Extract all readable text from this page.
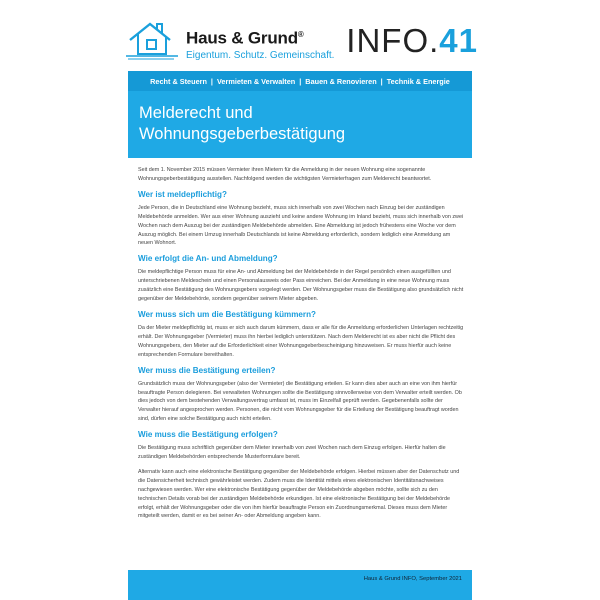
Haus & Grund®
Eigentum. Schutz. Gemeinschaft. INFO.41
Recht & Steuern | Vermieten & Verwalten | Bauen & Renovieren | Technik & Energie
Melderecht und
Wohnungsgeberbestätigung

Seit dem 1. November 2015 müssen Vermieter ihren Mietern für die Anmeldung in der neuen Wohnung eine sogenannte Wohnungsgeberbestätigung ausstellen. Nachfolgend werden die wichtigsten Vermieterfragen zum Melderecht beantwortet.

Wer ist meldepflichtig?

Jede Person, die in Deutschland eine Wohnung bezieht, muss sich innerhalb von zwei Wochen nach Einzug bei der zuständigen Meldebehörde anmelden. Wer aus einer Wohnung auszieht und keine andere Wohnung im Inland bezieht, muss sich innerhalb von zwei Wochen nach dem Auszug bei der zuständigen Meldebehörde abmelden. Eine Abmeldung ist jedoch frühestens eine Woche vor dem Auszug möglich. Bei einem Umzug innerhalb Deutschlands ist keine Abmeldung erforderlich, sondern lediglich eine Anmeldung am neuen Wohnort.

Wie erfolgt die An- und Abmeldung?

Die meldepflichtige Person muss für eine An- und Abmeldung bei der Meldebehörde in der Regel persönlich einen ausgefüllten und unterschriebenen Meldeschein und einen Personalausweis oder Pass einreichen. Bei der Anmeldung in eine neue Wohnung muss zusätzlich eine Bestätigung des Wohnungsgebers vorgelegt werden. Der Wohnungsgeber muss die Bestätigung also grundsätzlich nicht gegenüber der Meldebehörde, sondern gegenüber seinem Mieter abgeben.

Wer muss sich um die Bestätigung kümmern?

Da der Mieter meldepflichtig ist, muss er sich auch darum kümmern, dass er alle für die Anmeldung erforderlichen Unterlagen rechtzeitig erhält. Der Wohnungsgeber (Vermieter) muss ihn hierbei lediglich unterstützen. Nach dem Melderecht ist es aber nicht die Pflicht des Wohnungsgebers, den Mieter auf die Erforderlichkeit einer Wohnungsgeberbescheinigung hinzuweisen. Er muss hierfür auch keine entsprechenden Formulare bereithalten.

Wer muss die Bestätigung erteilen?

Grundsätzlich muss der Wohnungsgeber (also der Vermieter) die Bestätigung erteilen. Er kann dies aber auch an eine von ihm hierfür beauftragte Person delegieren. Bei verwalteten Wohnungen sollte die Bestätigung sinnvollerweise von dem Verwalter erteilt werden. Ob dies jedoch von dem bestehenden Verwaltungsvertrag umfasst ist, muss im Einzelfall geprüft werden. Gegebenenfalls sollte der Verwalter hierauf angesprochen werden. Personen, die nicht vom Wohnungsgeber für die Erteilung der Bestätigung beauftragt worden sind, dürfen eine solche Bestätigung auch nicht erteilen.

Wie muss die Bestätigung erfolgen?

Die Bestätigung muss schriftlich gegenüber dem Mieter innerhalb von zwei Wochen nach dem Einzug erfolgen. Hierfür halten die zuständigen Meldebehörden entsprechende Musterformulare bereit.

Alternativ kann auch eine elektronische Bestätigung gegenüber der Meldebehörde erfolgen. Hierbei müssen aber der Datenschutz und die Datensicherheit technisch gewährleistet werden. Zudem muss die Identität mittels eines elektronischen Identitätsnachweises nachgewiesen werden. Wer eine elektronische Bestätigung gegenüber der Meldebehörde abgeben möchte, sollte sich zu den technischen Details vorab bei der zuständigen Meldebehörde erkundigen. Ist eine elektronische Bestätigung bei der Meldebehörde erfolgt, erhält der Wohnungsgeber oder die von ihm hierfür beauftragte Person ein Zuordnungsmerkmal. Dieses muss dem Mieter mitgeteilt werden, damit er es bei seiner An- oder Abmeldung angeben kann.

Haus & Grund INFO, September 2021
